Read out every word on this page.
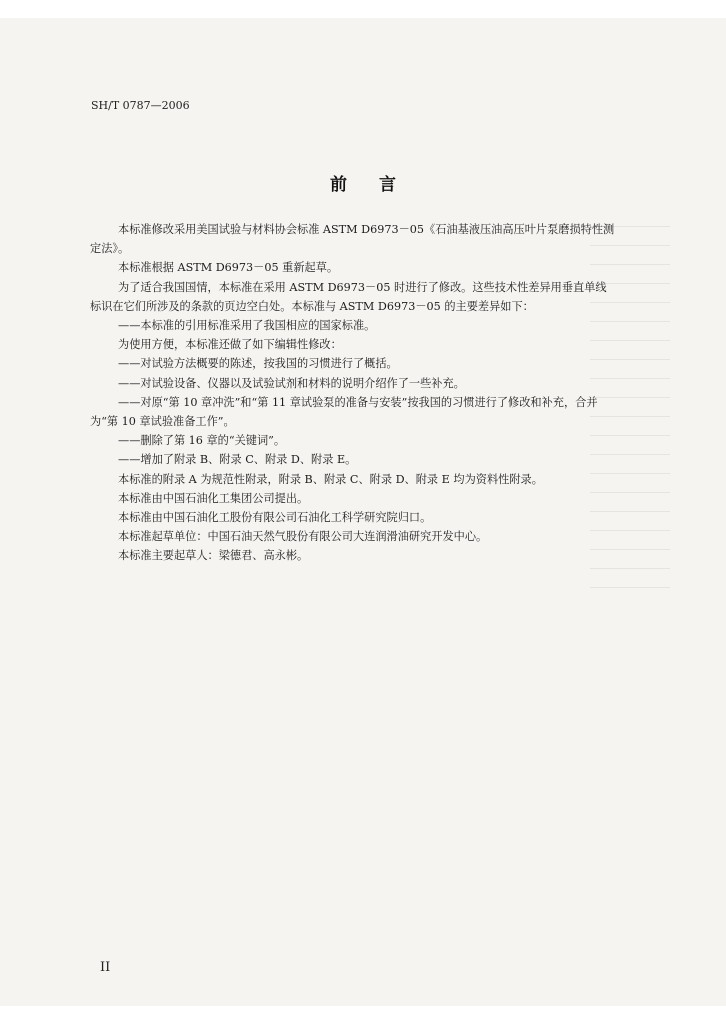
SH/T 0787—2006
前言

本标准修改采用美国试验与材料协会标准 ASTM D6973－05《石油基液压油高压叶片泵磨损特性测

定法》。

本标准根据 ASTM D6973－05 重新起草。

为了适合我国国情，本标准在采用 ASTM D6973－05 时进行了修改。这些技术性差异用垂直单线

标识在它们所涉及的条款的页边空白处。本标准与 ASTM D6973－05 的主要差异如下：

——本标准的引用标准采用了我国相应的国家标准。

为使用方便，本标准还做了如下编辑性修改：

——对试验方法概要的陈述，按我国的习惯进行了概括。

——对试验设备、仪器以及试验试剂和材料的说明介绍作了一些补充。

——对原“第 10 章冲洗”和“第 11 章试验泵的准备与安装”按我国的习惯进行了修改和补充，合并

为“第 10 章试验准备工作”。

——删除了第 16 章的“关键词”。

——增加了附录 B、附录 C、附录 D、附录 E。

本标准的附录 A 为规范性附录，附录 B、附录 C、附录 D、附录 E 均为资料性附录。

本标准由中国石油化工集团公司提出。

本标准由中国石油化工股份有限公司石油化工科学研究院归口。

本标准起草单位：中国石油天然气股份有限公司大连润滑油研究开发中心。

本标准主要起草人：梁德君、高永彬。

II
